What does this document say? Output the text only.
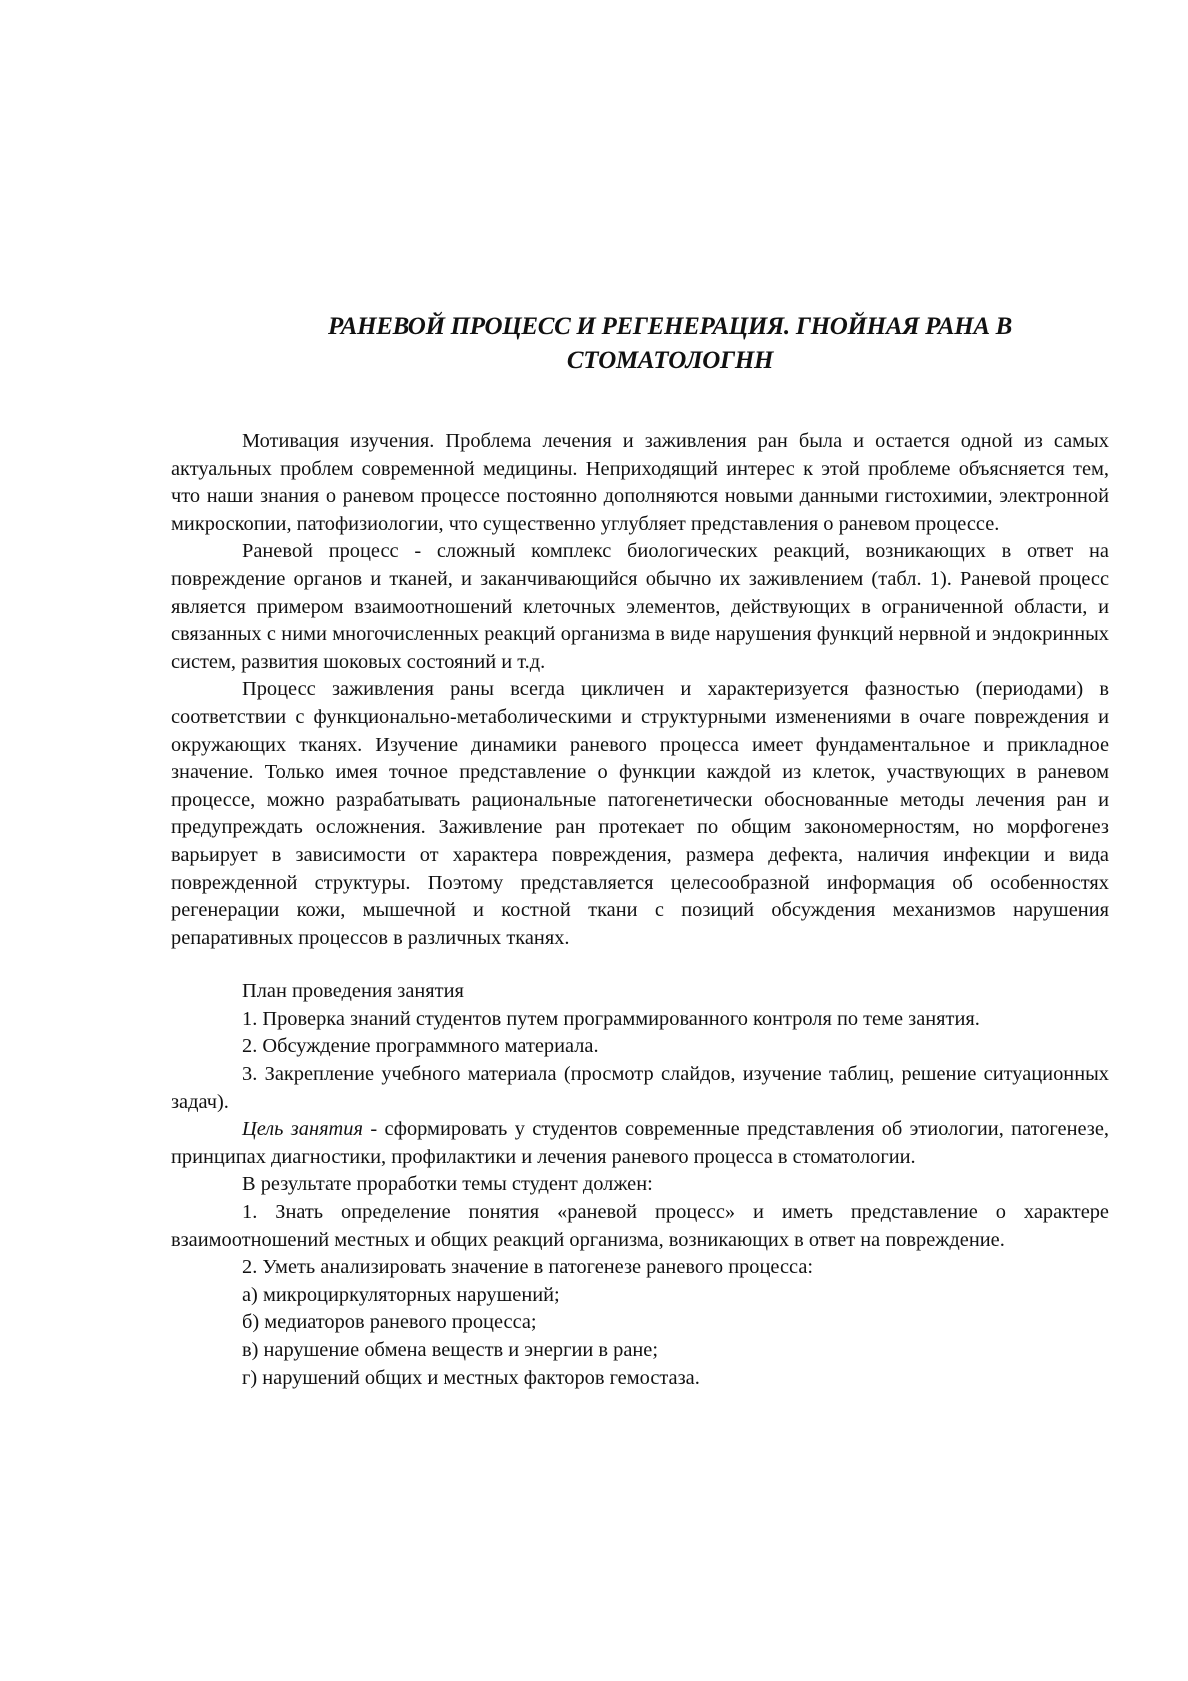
РАНЕВОЙ ПРОЦЕСС И РЕГЕНЕРАЦИЯ. ГНОЙНАЯ РАНА В
СТОМАТОЛОГНН

Мотивация изучения. Проблема лечения и заживления ран была и остается одной из самых актуальных проблем современной медицины. Неприходящий интерес к этой проблеме объясняется тем, что наши знания о раневом процессе постоянно дополняются новыми данными гистохимии, электронной микроскопии, патофизиологии, что существенно углубляет представления о раневом процессе.

Раневой процесс - сложный комплекс биологических реакций, возникающих в ответ на повреждение органов и тканей, и заканчивающийся обычно их заживлением (табл. 1). Раневой процесс является примером взаимоотношений клеточных элементов, действующих в ограниченной области, и связанных с ними многочисленных реакций организма в виде нарушения функций нервной и эндокринных систем, развития шоковых состояний и т.д.

Процесс заживления раны всегда цикличен и характеризуется фазностью (периодами) в соответствии с функционально-метаболическими и структурными изменениями в очаге повреждения и окружающих тканях. Изучение динамики раневого процесса имеет фундаментальное и прикладное значение. Только имея точное представление о функции каждой из клеток, участвующих в раневом процессе, можно разрабатывать рациональные патогенетически обоснованные методы лечения ран и предупреждать осложнения. Заживление ран протекает по общим закономерностям, но морфогенез варьирует в зависимости от характера повреждения, размера дефекта, наличия инфекции и вида поврежденной структуры. Поэтому представляется целесообразной информация об особенностях регенерации кожи, мышечной и костной ткани с позиций обсуждения механизмов нарушения репаративных процессов в различных тканях.

План проведения занятия

1. Проверка знаний студентов путем программированного контроля по теме занятия.

2. Обсуждение программного материала.

3. Закрепление учебного материала (просмотр слайдов, изучение таблиц, решение ситуационных задач).

Цель занятия - сформировать у студентов современные представления об этиологии, патогенезе, принципах диагностики, профилактики и лечения раневого процесса в стоматологии.

В результате проработки темы студент должен:

1. Знать определение понятия «раневой процесс» и иметь представление о характере взаимоотношений местных и общих реакций организма, возникающих в ответ на повреждение.

2. Уметь анализировать значение в патогенезе раневого процесса:

а) микроциркуляторных нарушений;

б) медиаторов раневого процесса;

в) нарушение обмена веществ и энергии в ране;

г) нарушений общих и местных факторов гемостаза.
